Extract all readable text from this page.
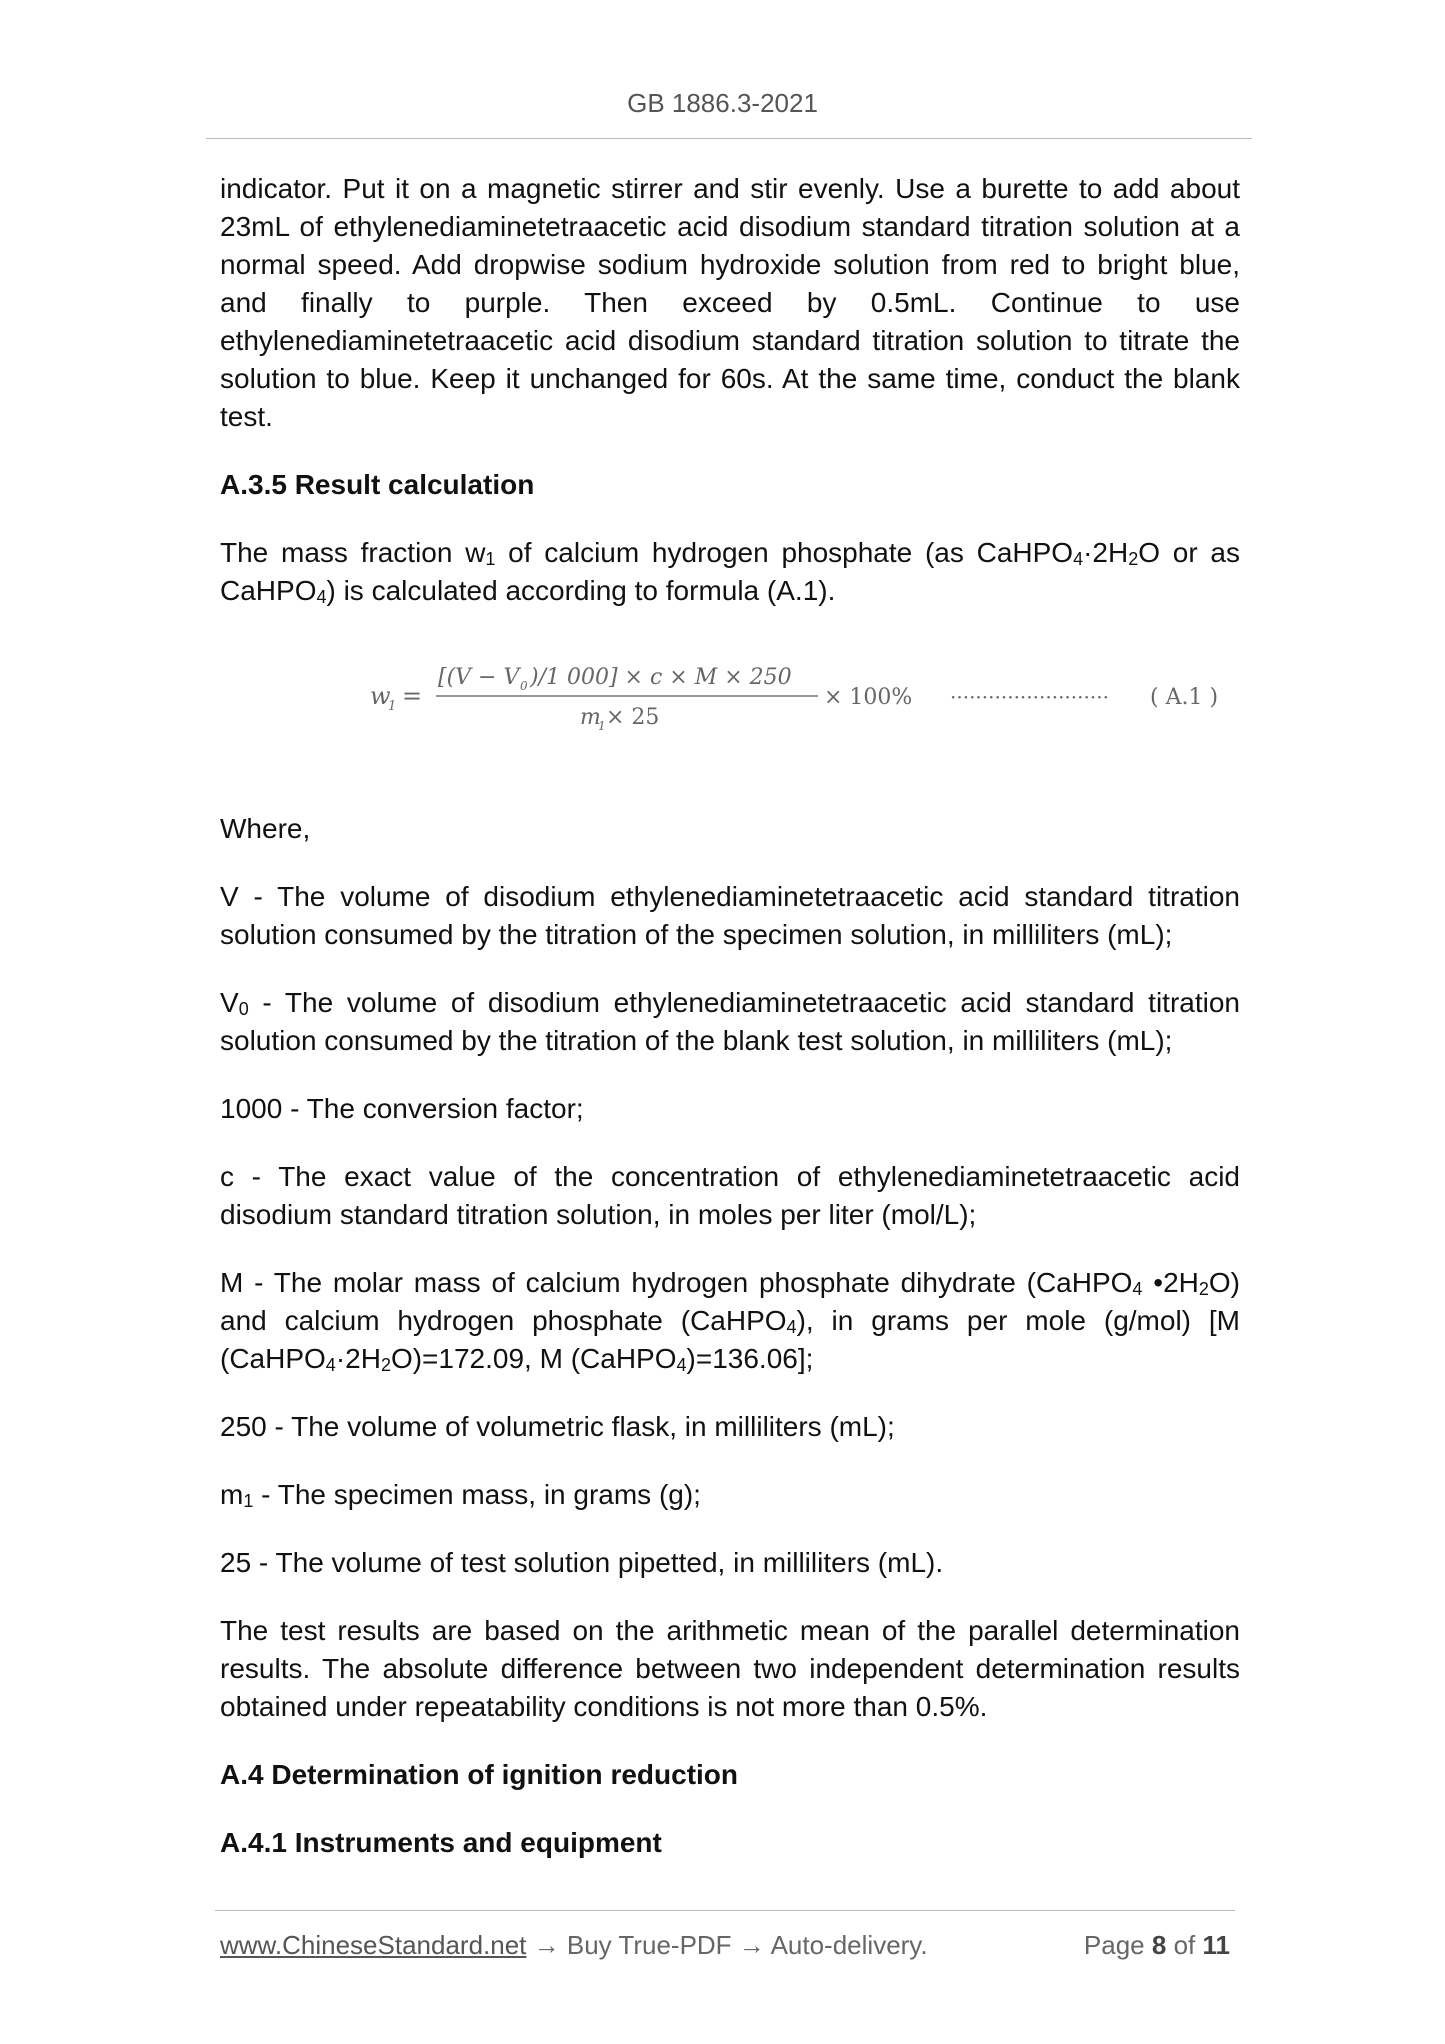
GB 1886.3-2021

indicator. Put it on a magnetic stirrer and stir evenly. Use a burette to add about 23mL of ethylenediaminetetraacetic acid disodium standard titration solution at a normal speed. Add dropwise sodium hydroxide solution from red to bright blue, and finally to purple. Then exceed by 0.5mL. Continue to use ethylenediaminetetraacetic acid disodium standard titration solution to titrate the solution to blue. Keep it unchanged for 60s. At the same time, conduct the blank test.

A.3.5 Result calculation

The mass fraction $w_1$ of calcium hydrogen phosphate (as $CaHPO_4\cdot 2H_2O$ or as CaHPO$_4$) is calculated according to formula (A.1).

w
1 =
[(V − V 0 )/1 000] × c × M × 250
m
1 × 25
× 100% ························· ( A.1 )

Where,

V - The volume of disodium ethylenediaminetetraacetic acid standard titration solution consumed by the titration of the specimen solution, in milliliters (mL);

$V_0$ - The volume of disodium ethylenediaminetetraacetic acid standard titration solution consumed by the titration of the blank test solution, in milliliters (mL);

1000 - The conversion factor;

c - The exact value of the concentration of ethylenediaminetetraacetic acid disodium standard titration solution, in moles per liter (mol/L);

M - The molar mass of calcium hydrogen phosphate dihydrate (CaHPO$_4$ $•2H_2O$) and calcium hydrogen phosphate (CaHPO$_4$), in grams per mole (g/mol) [M $(CaHPO_4\cdot 2H_2O)=172.09$, M (CaHPO$_4$)=136.06];

250 - The volume of volumetric flask, in milliliters (mL);

$m_1$ - The specimen mass, in grams (g);

25 - The volume of test solution pipetted, in milliliters (mL).

The test results are based on the arithmetic mean of the parallel determination results. The absolute difference between two independent determination results obtained under repeatability conditions is not more than 0.5%.

A.4 Determination of ignition reduction
A.4.1 Instruments and equipment
www.ChineseStandard.net → Buy True-PDF → Auto-delivery.	Page 8 of 11
